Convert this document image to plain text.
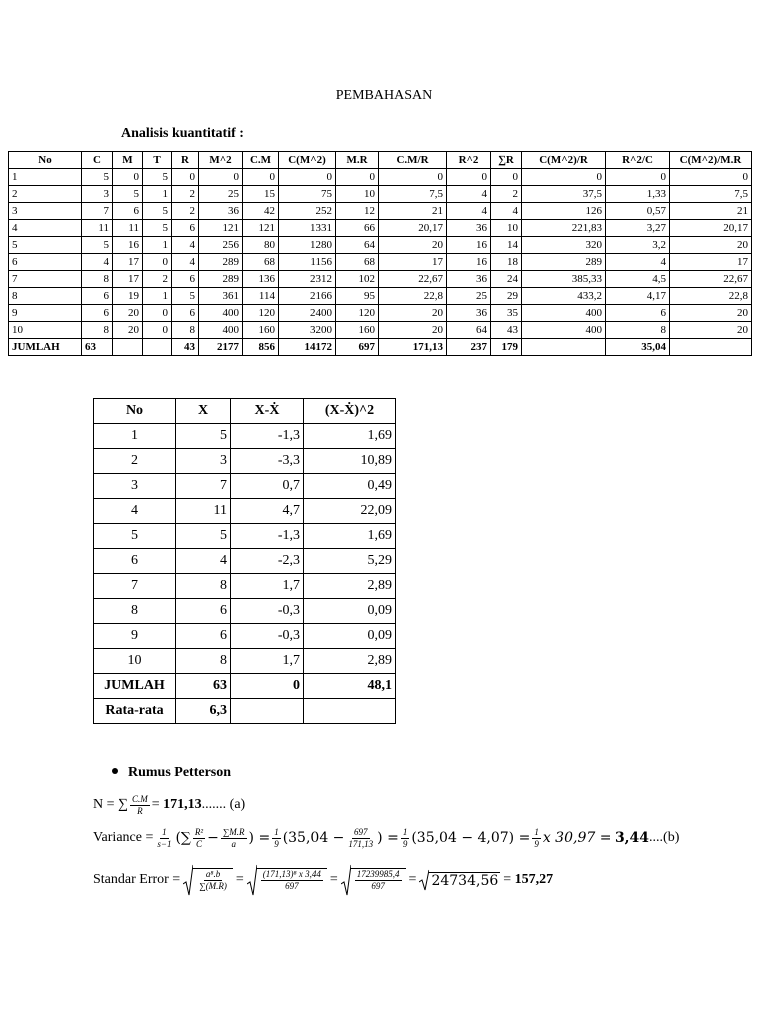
PEMBAHASAN
Analisis kuantitatif :
No	C	M	T	R	M^2	C.M	C(M^2)	M.R	C.M/R	R^2	∑R	C(M^2)/R	R^2/C	C(M^2)/M.R
1	5	0	5	0	0	0	0	0	0	0	0	0	0	0
2	3	5	1	2	25	15	75	10	7,5	4	2	37,5	1,33	7,5
3	7	6	5	2	36	42	252	12	21	4	4	126	0,57	21
4	11	11	5	6	121	121	1331	66	20,17	36	10	221,83	3,27	20,17
5	5	16	1	4	256	80	1280	64	20	16	14	320	3,2	20
6	4	17	0	4	289	68	1156	68	17	16	18	289	4	17
7	8	17	2	6	289	136	2312	102	22,67	36	24	385,33	4,5	22,67
8	6	19	1	5	361	114	2166	95	22,8	25	29	433,2	4,17	22,8
9	6	20	0	6	400	120	2400	120	20	36	35	400	6	20
10	8	20	0	8	400	160	3200	160	20	64	43	400	8	20
JUMLAH	63			43	2177	856	14172	697	171,13	237	179		35,04	
No	X	X-Ẋ	(X-Ẋ)^2
1	5	-1,3	1,69
2	3	-3,3	10,89
3	7	0,7	0,49
4	11	4,7	22,09
5	5	-1,3	1,69
6	4	-2,3	5,29
7	8	1,7	2,89
8	6	-0,3	0,09
9	6	-0,3	0,09
10	8	1,7	2,89
JUMLAH	63	0	48,1
Rata-rata	6,3		
Rumus Petterson
N = ∑ $\frac{C.M}{R}$ =
171,13 ....... (a)
Variance = $\frac{1}{s-1}$ (∑ $\frac{\text{R²}}{C} - \frac{\sum M.R}{a}$ ) = $\frac{1}{9} (35,04 - \frac{697}{171,13}$ ) = $\frac{1}{9} (35,04 - 4,07) = \frac{1}{9}$ x 30,97 =
3,44 ....(b)
Standar Error = $\frac{\text{a⁸.b}}{\sum(M.R)} = \frac{\text{(171,13)⁸ x 3,44}}{697} = \frac{17239985,4}{697} = 24734,56$ =
157,27
